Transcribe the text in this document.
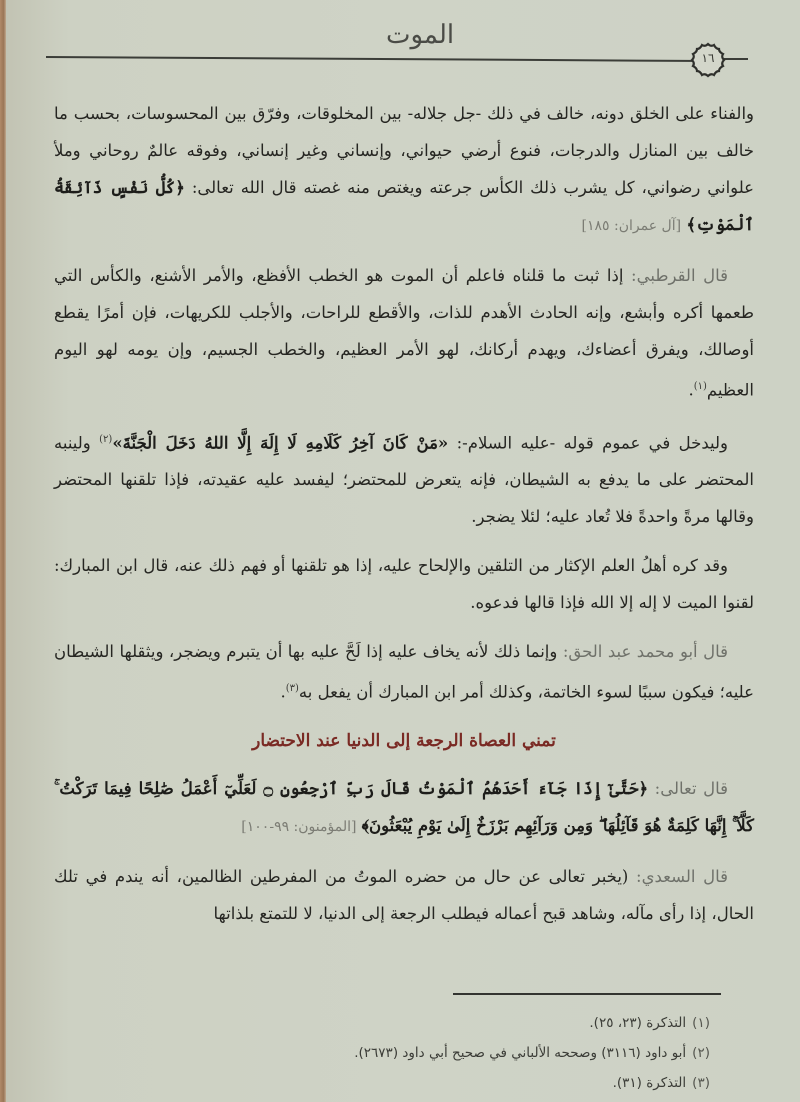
الموت
١٦

والفناء على الخلق دونه، خالف في ذلك -جل جلاله- بين المخلوقات، وفرّق بين المحسوسات، بحسب ما خالف بين المنازل والدرجات، فنوع أرضي حيواني، وإنساني وغير إنساني، وفوقه عالمٌ روحاني وملأ علواني رضواني، كل يشرب ذلك الكأس جرعته ويغتص منه غصته قال الله تعالى: ﴿كُلُّ نَفْسٍ ذَآئِقَةُ ٱلْمَوْتِ﴾ [آل عمران: ١٨٥]

قال القرطبي: إذا ثبت ما قلناه فاعلم أن الموت هو الخطب الأفظع، والأمر الأشنع، والكأس التي طعمها أكره وأبشع، وإنه الحادث الأهدم للذات، والأقطع للراحات، والأجلب للكريهات، فإن أمرًا يقطع أوصالك، ويفرق أعضاءك، ويهدم أركانك، لهو الأمر العظيم، والخطب الجسيم، وإن يومه لهو اليوم العظيم$^{(١)}$.

وليدخل في عموم قوله -عليه السلام-: «مَنْ كَانَ آخِرُ كَلَامِهِ لَا إِلَهَ إِلَّا اللهُ دَخَلَ الْجَنَّةَ»$^{(٢)}$ ولينبه المحتضر على ما يدفع به الشيطان، فإنه يتعرض للمحتضر؛ ليفسد عليه عقيدته، فإذا تلقنها المحتضر وقالها مرةً واحدةً فلا تُعاد عليه؛ لئلا يضجر.

وقد كره أهلُ العلم الإكثار من التلقين والإلحاح عليه، إذا هو تلقنها أو فهم ذلك عنه، قال ابن المبارك: لقنوا الميت لا إله إلا الله فإذا قالها فدعوه.

قال أبو محمد عبد الحق: وإنما ذلك لأنه يخاف عليه إذا لَحَّ عليه بها أن يتبرم ويضجر، ويثقلها الشيطان عليه؛ فيكون سببًا لسوء الخاتمة، وكذلك أمر ابن المبارك أن يفعل به$^{(٣)}$.

تمني العصاة الرجعة إلى الدنيا عند الاحتضار

قال تعالى: ﴿حَتَّىٰٓ إِذَا جَآءَ أَحَدَهُمُ ٱلْمَوْتُ قَالَ رَبِّ ٱرْجِعُونِ ۝ لَعَلِّيٓ أَعْمَلُ صَٰلِحًا فِيمَا تَرَكْتُ ۚ كَلَّآ ۚ إِنَّهَا كَلِمَةٌ هُوَ قَآئِلُهَا ۖ وَمِن وَرَآئِهِم بَرْزَخٌ إِلَىٰ يَوْمِ يُبْعَثُونَ﴾ [المؤمنون: ٩٩-١٠٠]

قال السعدي: (يخبر تعالى عن حال من حضره الموتُ من المفرطين الظالمين، أنه يندم في تلك الحال، إذا رأى مآله، وشاهد قبح أعماله فيطلب الرجعة إلى الدنيا، لا للتمتع بلذاتها

(١)التذكرة (٢٣، ٢٥).
(٢)أبو داود (٣١١٦) وصححه الألباني في صحيح أبي داود (٢٦٧٣).
(٣)التذكرة (٣١).
